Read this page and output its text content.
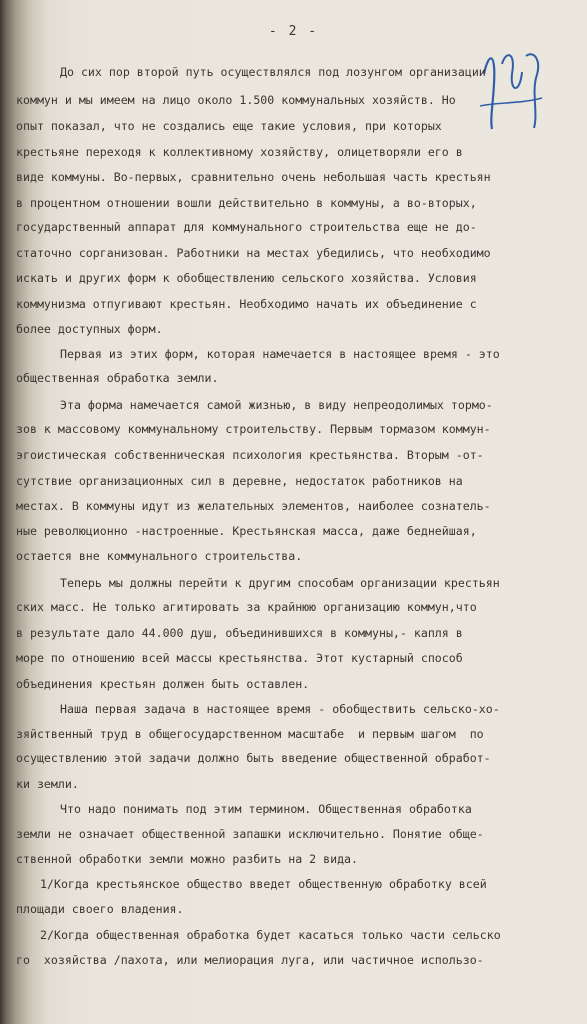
- 2 -
До сих пор второй путь осуществлялся под лозунгом организации
коммун и мы имеем на лицо около 1.500 коммунальных хозяйств. Но
опыт показал, что не создались еще такие условия, при которых
крестьяне переходя к коллективному хозяйству, олицетворяли его в
виде коммуны. Во-первых, сравнительно очень небольшая часть крестьян
в процентном отношении вошли действительно в коммуны, а во-вторых,
государственный аппарат для коммунального строительства еще не до-
статочно сорганизован. Работники на местах убедились, что необходимо
искать и других форм к обобществлению сельского хозяйства. Условия
коммунизма отпугивают крестьян. Необходимо начать их объединение с
более доступных форм.
Первая из этих форм, которая намечается в настоящее время - это
общественная обработка земли.
Эта форма намечается самой жизнью, в виду непреодолимых тормо-
зов к массовому коммунальному строительству. Первым тормазом коммун-
эгоистическая собственническая психология крестьянства. Вторым -от-
сутствие организационных сил в деревне, недостаток работников на
местах. В коммуны идут из желательных элементов, наиболее сознатель-
ные революционно -настроенные. Крестьянская масса, даже беднейшая,
остается вне коммунального строительства.
Теперь мы должны перейти к другим способам организации крестьян
ских масс. Не только агитировать за крайнюю организацию коммун,что
в результате дало 44.000 душ, объединившихся в коммуны,- капля в
море по отношению всей массы крестьянства. Этот кустарный способ
объединения крестьян должен быть оставлен.
Наша первая задача в настоящее время - обобществить сельско-хо-
зяйственный труд в общегосударственном масштабе  и первым шагом  по
осуществлению этой задачи должно быть введение общественной обработ-
ки земли.
Что надо понимать под этим термином. Общественная обработка
земли не означает общественной запашки исключительно. Понятие обще-
ственной обработки земли можно разбить на 2 вида.
1/Когда крестьянское общество введет общественную обработку всей
площади своего владения.
2/Когда общественная обработка будет касаться только части сельско
го  хозяйства /пахота, или мелиорация луга, или частичное использо-
